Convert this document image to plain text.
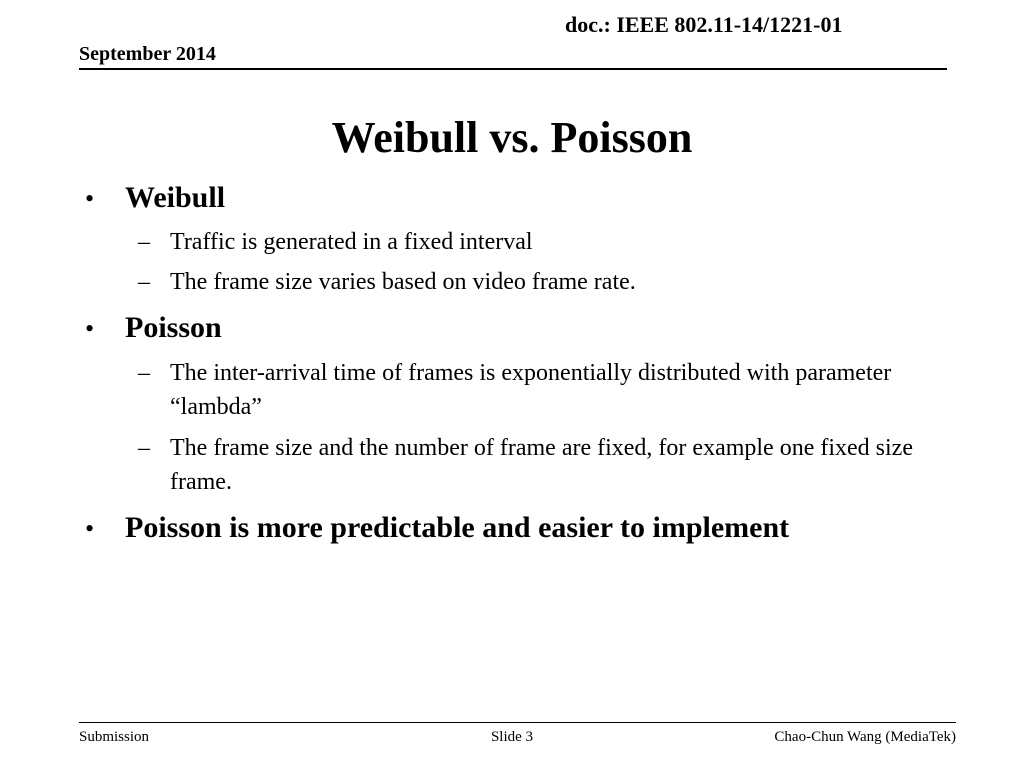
doc.: IEEE 802.11-14/1221-01
September 2014
Weibull vs. Poisson
• Weibull
– Traffic is generated in a fixed interval
– The frame size varies based on video frame rate.
• Poisson
– The inter-arrival time of frames is exponentially distributed with parameter “lambda”
– The frame size and the number of frame are fixed, for example one fixed size frame.
• Poisson is more predictable and easier to implement
Submission	Slide 3	Chao-Chun Wang (MediaTek)
